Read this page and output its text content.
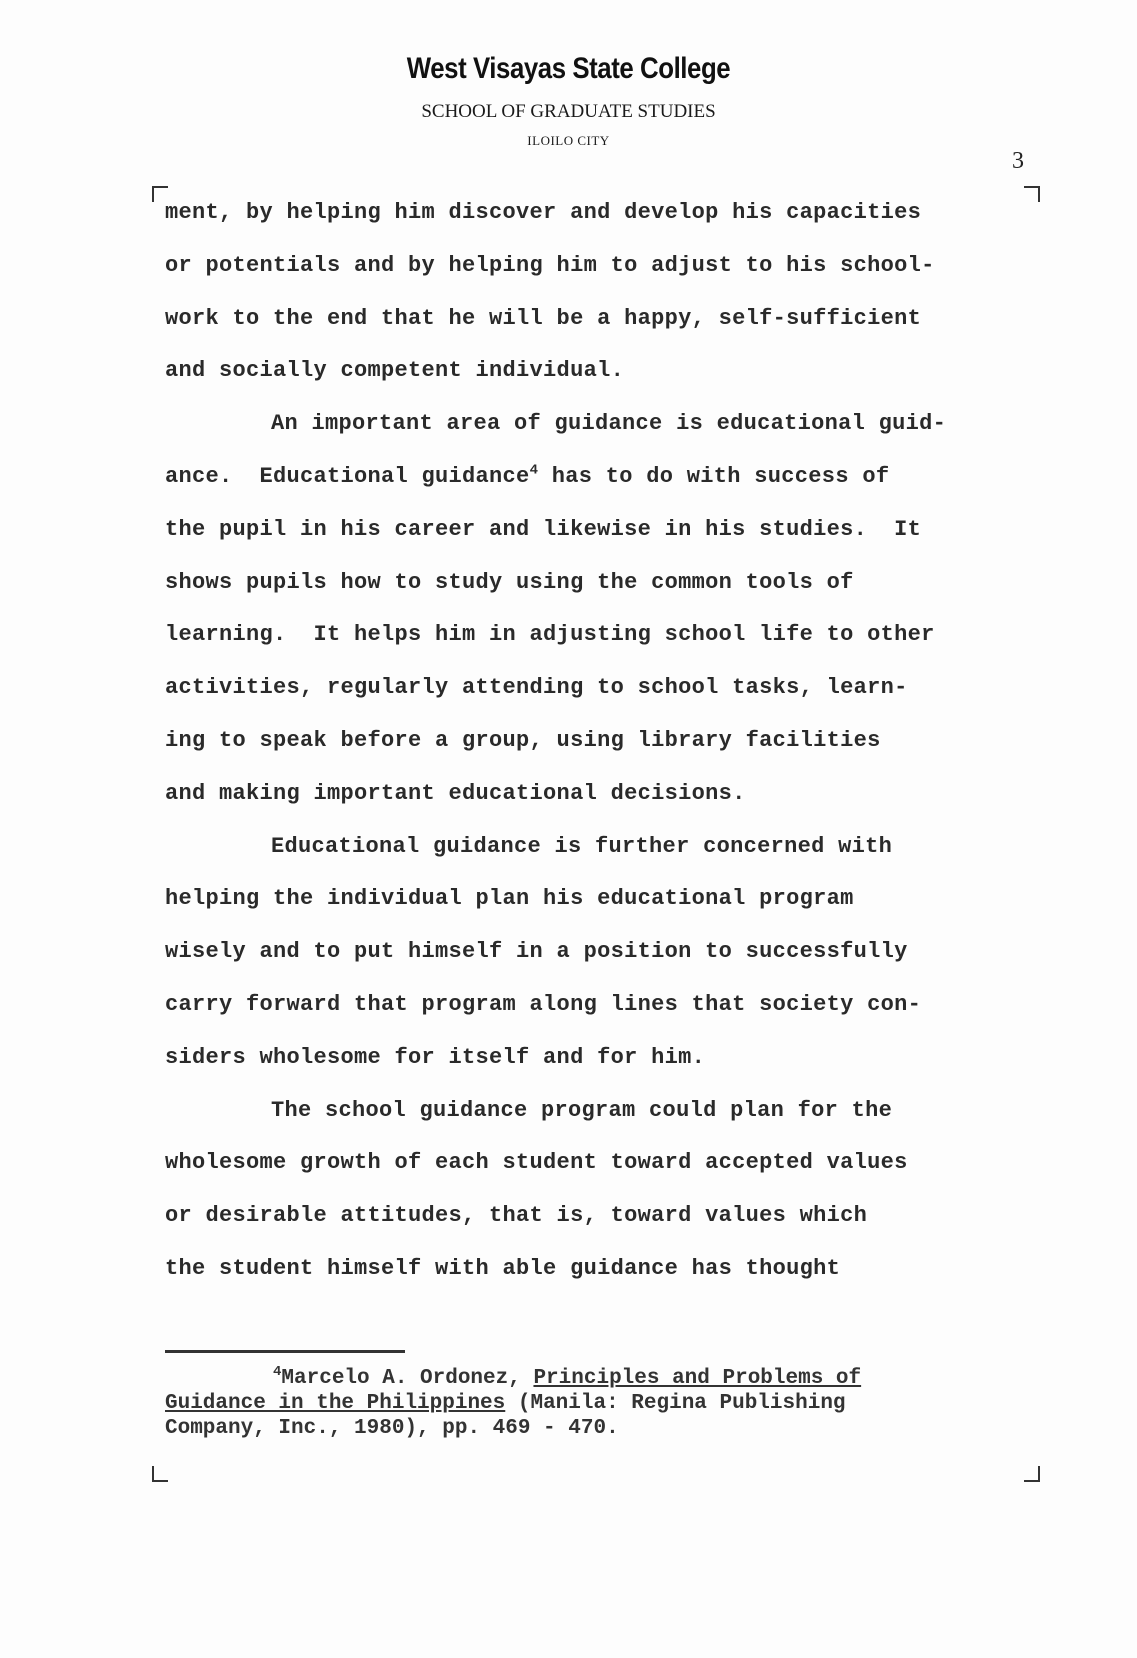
West Visayas State College
SCHOOL OF GRADUATE STUDIES
ILOILO CITY
3
ment, by helping him discover and develop his capacities
or potentials and by helping him to adjust to his school-
work to the end that he will be a happy, self-sufficient
and socially competent individual.
An important area of guidance is educational guid-
ance.  Educational guidance$^4$ has to do with success of
the pupil in his career and likewise in his studies.  It
shows pupils how to study using the common tools of
learning.  It helps him in adjusting school life to other
activities, regularly attending to school tasks, learn-
ing to speak before a group, using library facilities
and making important educational decisions.
Educational guidance is further concerned with
helping the individual plan his educational program
wisely and to put himself in a position to successfully
carry forward that program along lines that society con-
siders wholesome for itself and for him.
The school guidance program could plan for the
wholesome growth of each student toward accepted values
or desirable attitudes, that is, toward values which
the student himself with able guidance has thought
$^4$Marcelo A. Ordonez, Principles and Problems of
Guidance in the Philippines (Manila: Regina Publishing
Company, Inc., 1980), pp. 469 - 470.
